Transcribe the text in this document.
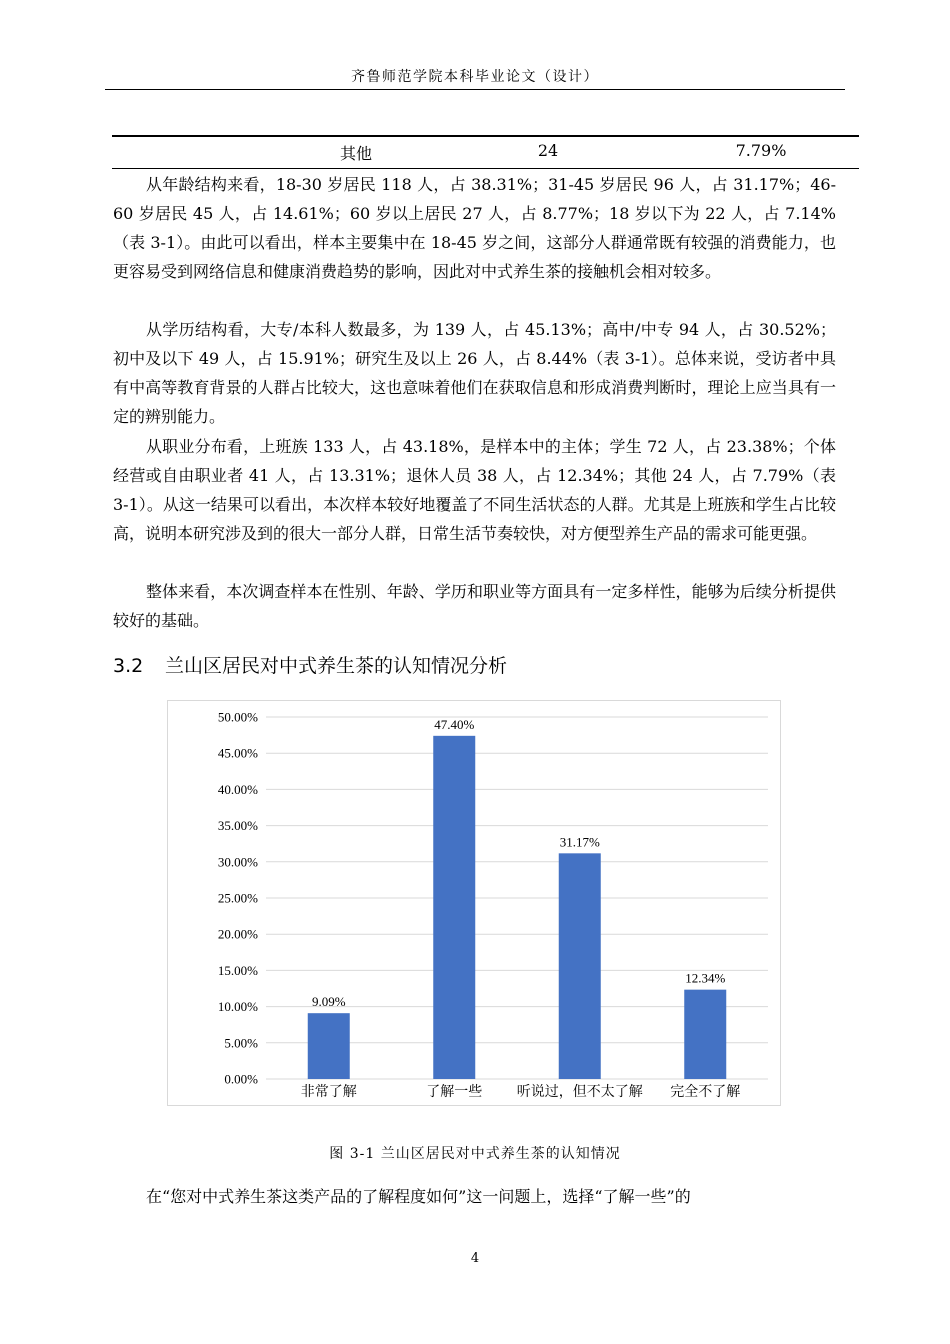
齐鲁师范学院本科毕业论文（设计）
其他	24	7.79%

从年龄结构来看，18-30 岁居民 118 人，占 38.31%；31-45 岁居民 96 人，占 31.17%；46-60 岁居民 45 人，占 14.61%；60 岁以上居民 27 人，占 8.77%；18 岁以下为 22 人，占 7.14%（表 3-1）。由此可以看出，样本主要集中在 18-45 岁之间，这部分人群通常既有较强的消费能力，也更容易受到网络信息和健康消费趋势的影响，因此对中式养生茶的接触机会相对较多。

从学历结构看，大专/本科人数最多，为 139 人，占 45.13%；高中/中专 94 人，占 30.52%；初中及以下 49 人，占 15.91%；研究生及以上 26 人，占 8.44%（表 3-1）。总体来说，受访者中具有中高等教育背景的人群占比较大，这也意味着他们在获取信息和形成消费判断时，理论上应当具有一定的辨别能力。

从职业分布看，上班族 133 人，占 43.18%，是样本中的主体；学生 72 人，占 23.38%；个体经营或自由职业者 41 人，占 13.31%；退休人员 38 人，占 12.34%；其他 24 人，占 7.79%（表 3-1）。从这一结果可以看出，本次样本较好地覆盖了不同生活状态的人群。尤其是上班族和学生占比较高，说明本研究涉及到的很大一部分人群，日常生活节奏较快，对方便型养生产品的需求可能更强。

整体来看，本次调查样本在性别、年龄、学历和职业等方面具有一定多样性，能够为后续分析提供较好的基础。

3.2 兰山区居民对中式养生茶的认知情况分析
0.00%
5.00%
10.00%
15.00%
20.00%
25.00%
30.00%
35.00%
40.00%
45.00%
50.00%
9.09%
非常了解
47.40%
了解一些
31.17%
听说过，但不太了解
12.34%
完全不了解
图 3-1 兰山区居民对中式养生茶的认知情况

在“您对中式养生茶这类产品的了解程度如何”这一问题上，选择“了解一些”的

4
